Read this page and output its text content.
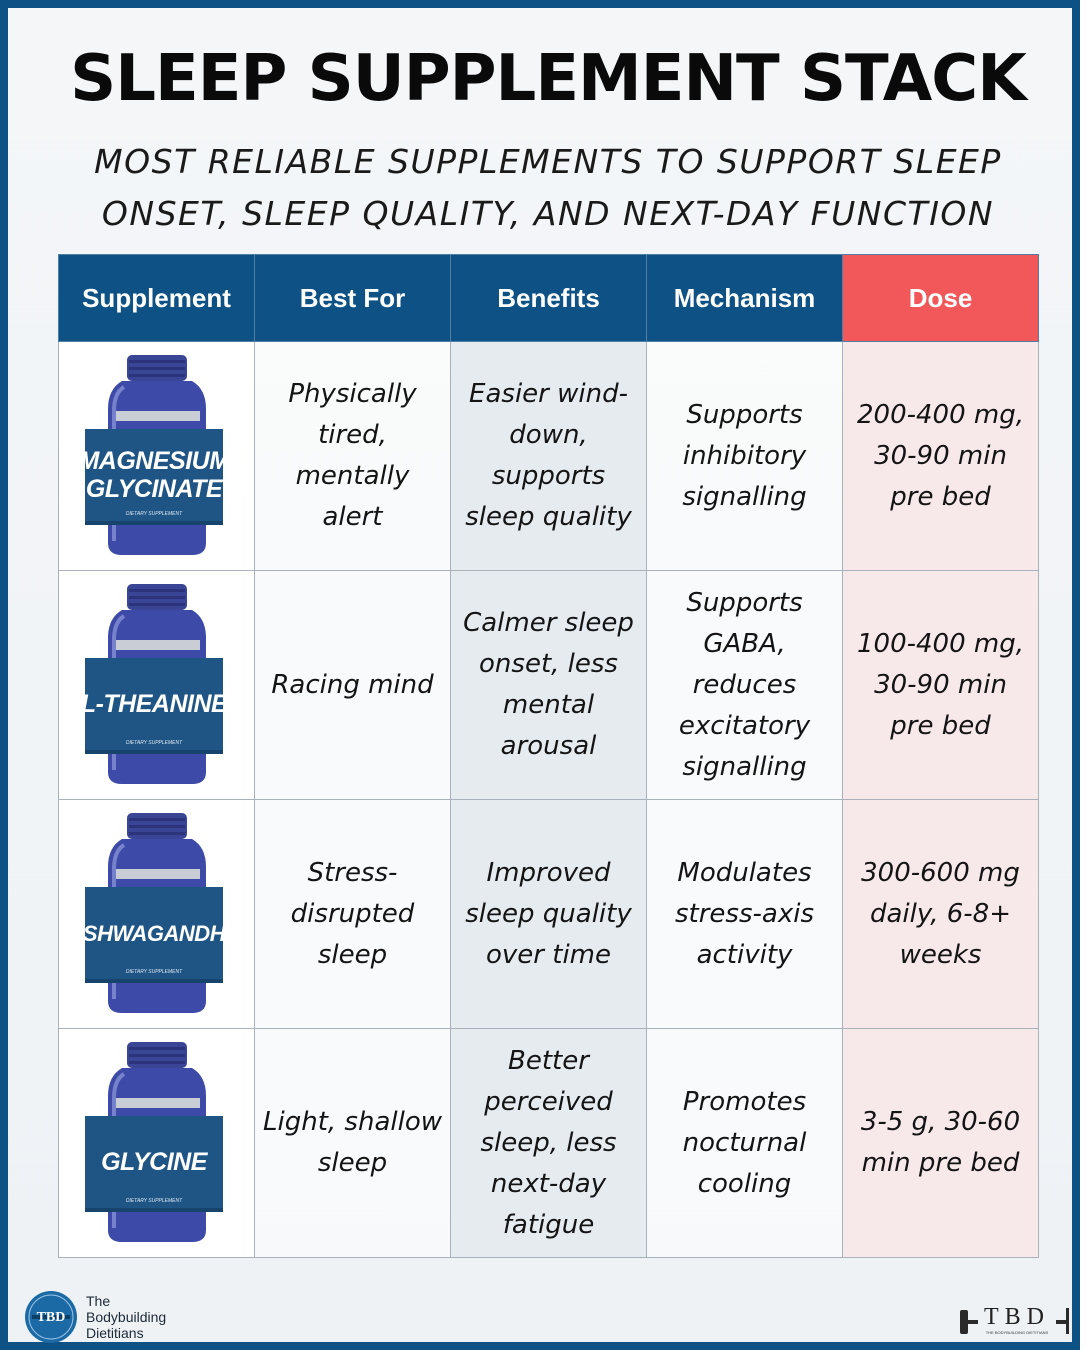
SLEEP SUPPLEMENT STACK
MOST RELIABLE SUPPLEMENTS TO SUPPORT SLEEP
ONSET, SLEEP QUALITY, AND NEXT-DAY FUNCTION
Supplement	Best For	Benefits	Mechanism	Dose

MAGNESIUM
GLYCINATE
DIETARY SUPPLEMENT	Physically tired, mentally alert	Easier wind-down, supports sleep quality	Supports inhibitory signalling	200-400 mg, 30-90 min pre bed

L-THEANINE
DIETARY SUPPLEMENT	Racing mind	Calmer sleep onset, less mental arousal	Supports GABA, reduces excitatory signalling	100-400 mg, 30-90 min pre bed

ASHWAGANDHA
DIETARY SUPPLEMENT	Stress-disrupted sleep	Improved sleep quality over time	Modulates stress-axis activity	300-600 mg daily, 6-8+ weeks

GLYCINE
DIETARY SUPPLEMENT	Light, shallow sleep	Better perceived sleep, less next-day fatigue	Promotes nocturnal cooling	3-5 g, 30-60 min pre bed
TBD
The
Bodybuilding
Dietitians
TBD
THE BODYBUILDING DIETITIANS
